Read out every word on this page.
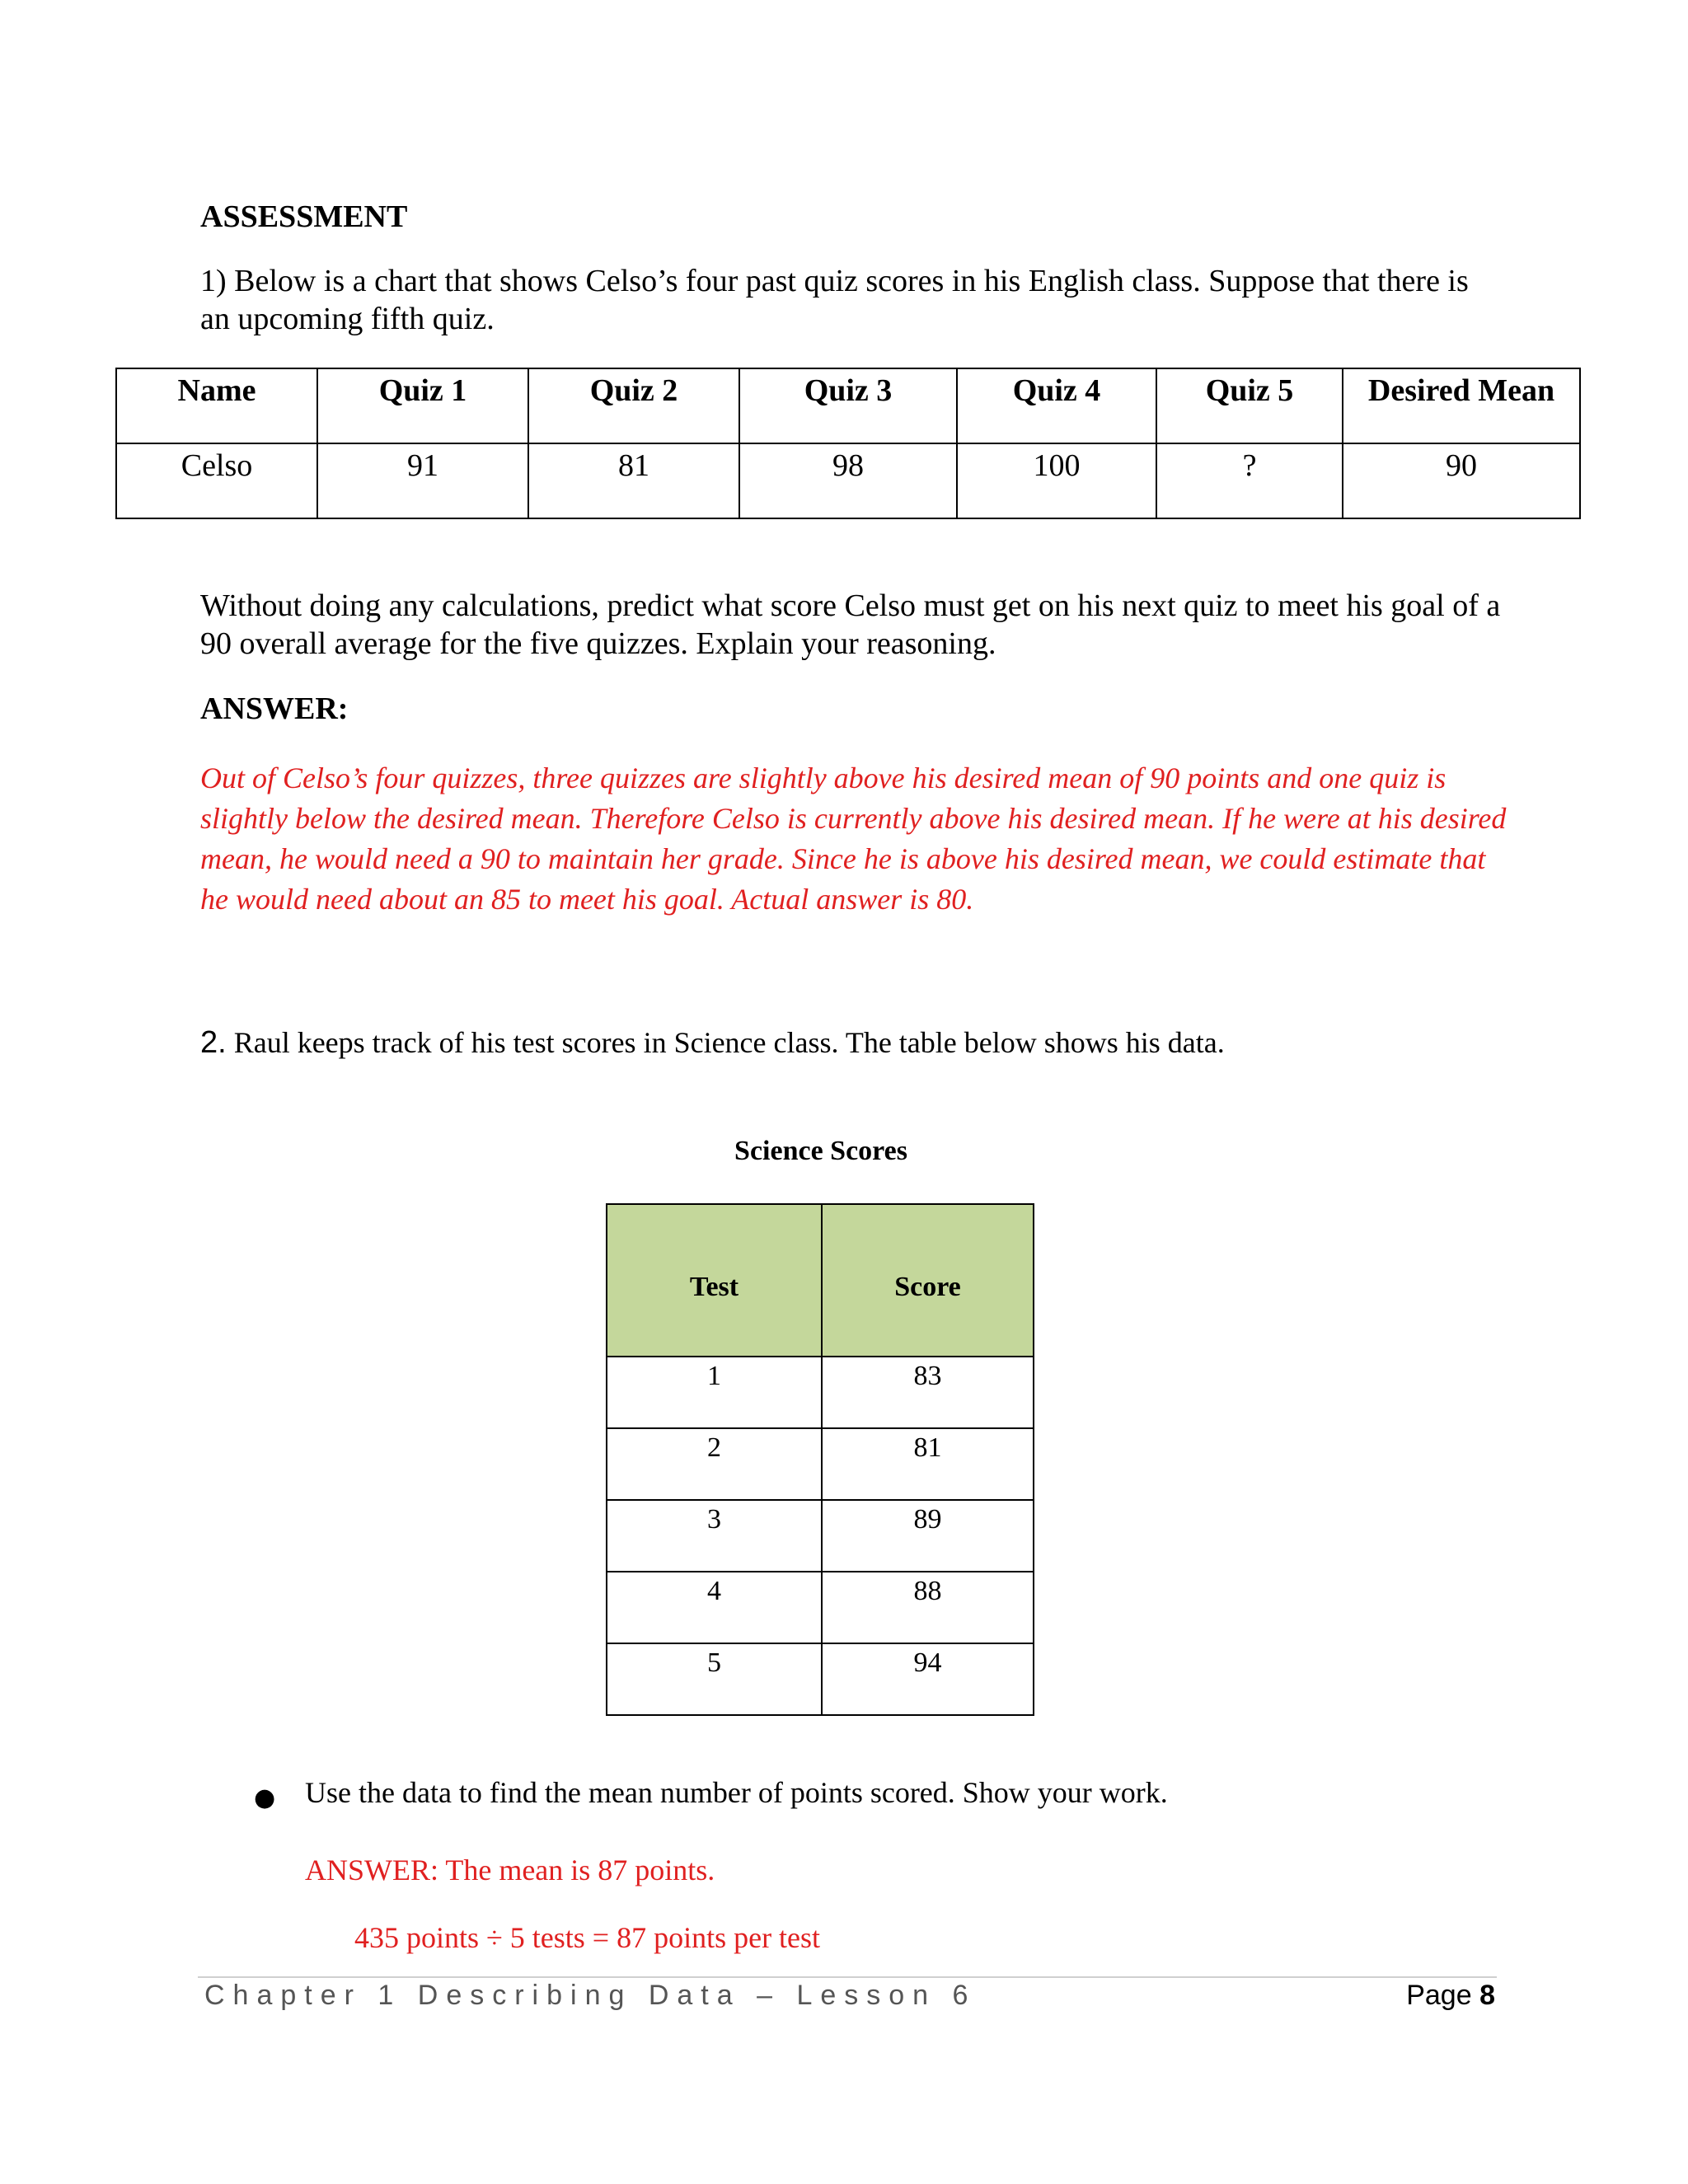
ASSESSMENT
1) Below is a chart that shows Celso’s four past quiz scores in his English class. Suppose that there is an upcoming fifth quiz.
Name	Quiz 1	Quiz 2	Quiz 3	Quiz 4	Quiz 5	Desired Mean
Celso	91	81	98	100	?	90
Without doing any calculations, predict what score Celso must get on his next quiz to meet his goal of a 90 overall average for the five quizzes. Explain your reasoning.
ANSWER:
Out of Celso’s four quizzes, three quizzes are slightly above his desired mean of 90 points and one quiz is slightly below the desired mean. Therefore Celso is currently above his desired mean. If he were at his desired mean, he would need a 90 to maintain her grade. Since he is above his desired mean, we could estimate that he would need about an 85 to meet his goal. Actual answer is 80.
2. Raul keeps track of his test scores in Science class. The table below shows his data.
Science Scores
Test	Score
1	83
2	81
3	89
4	88
5	94
● Use the data to find the mean number of points scored. Show your work.
ANSWER: The mean is 87 points.
435 points ÷ 5 tests = 87 points per test
Chapter 1 Describing Data – Lesson 6	Page 8
